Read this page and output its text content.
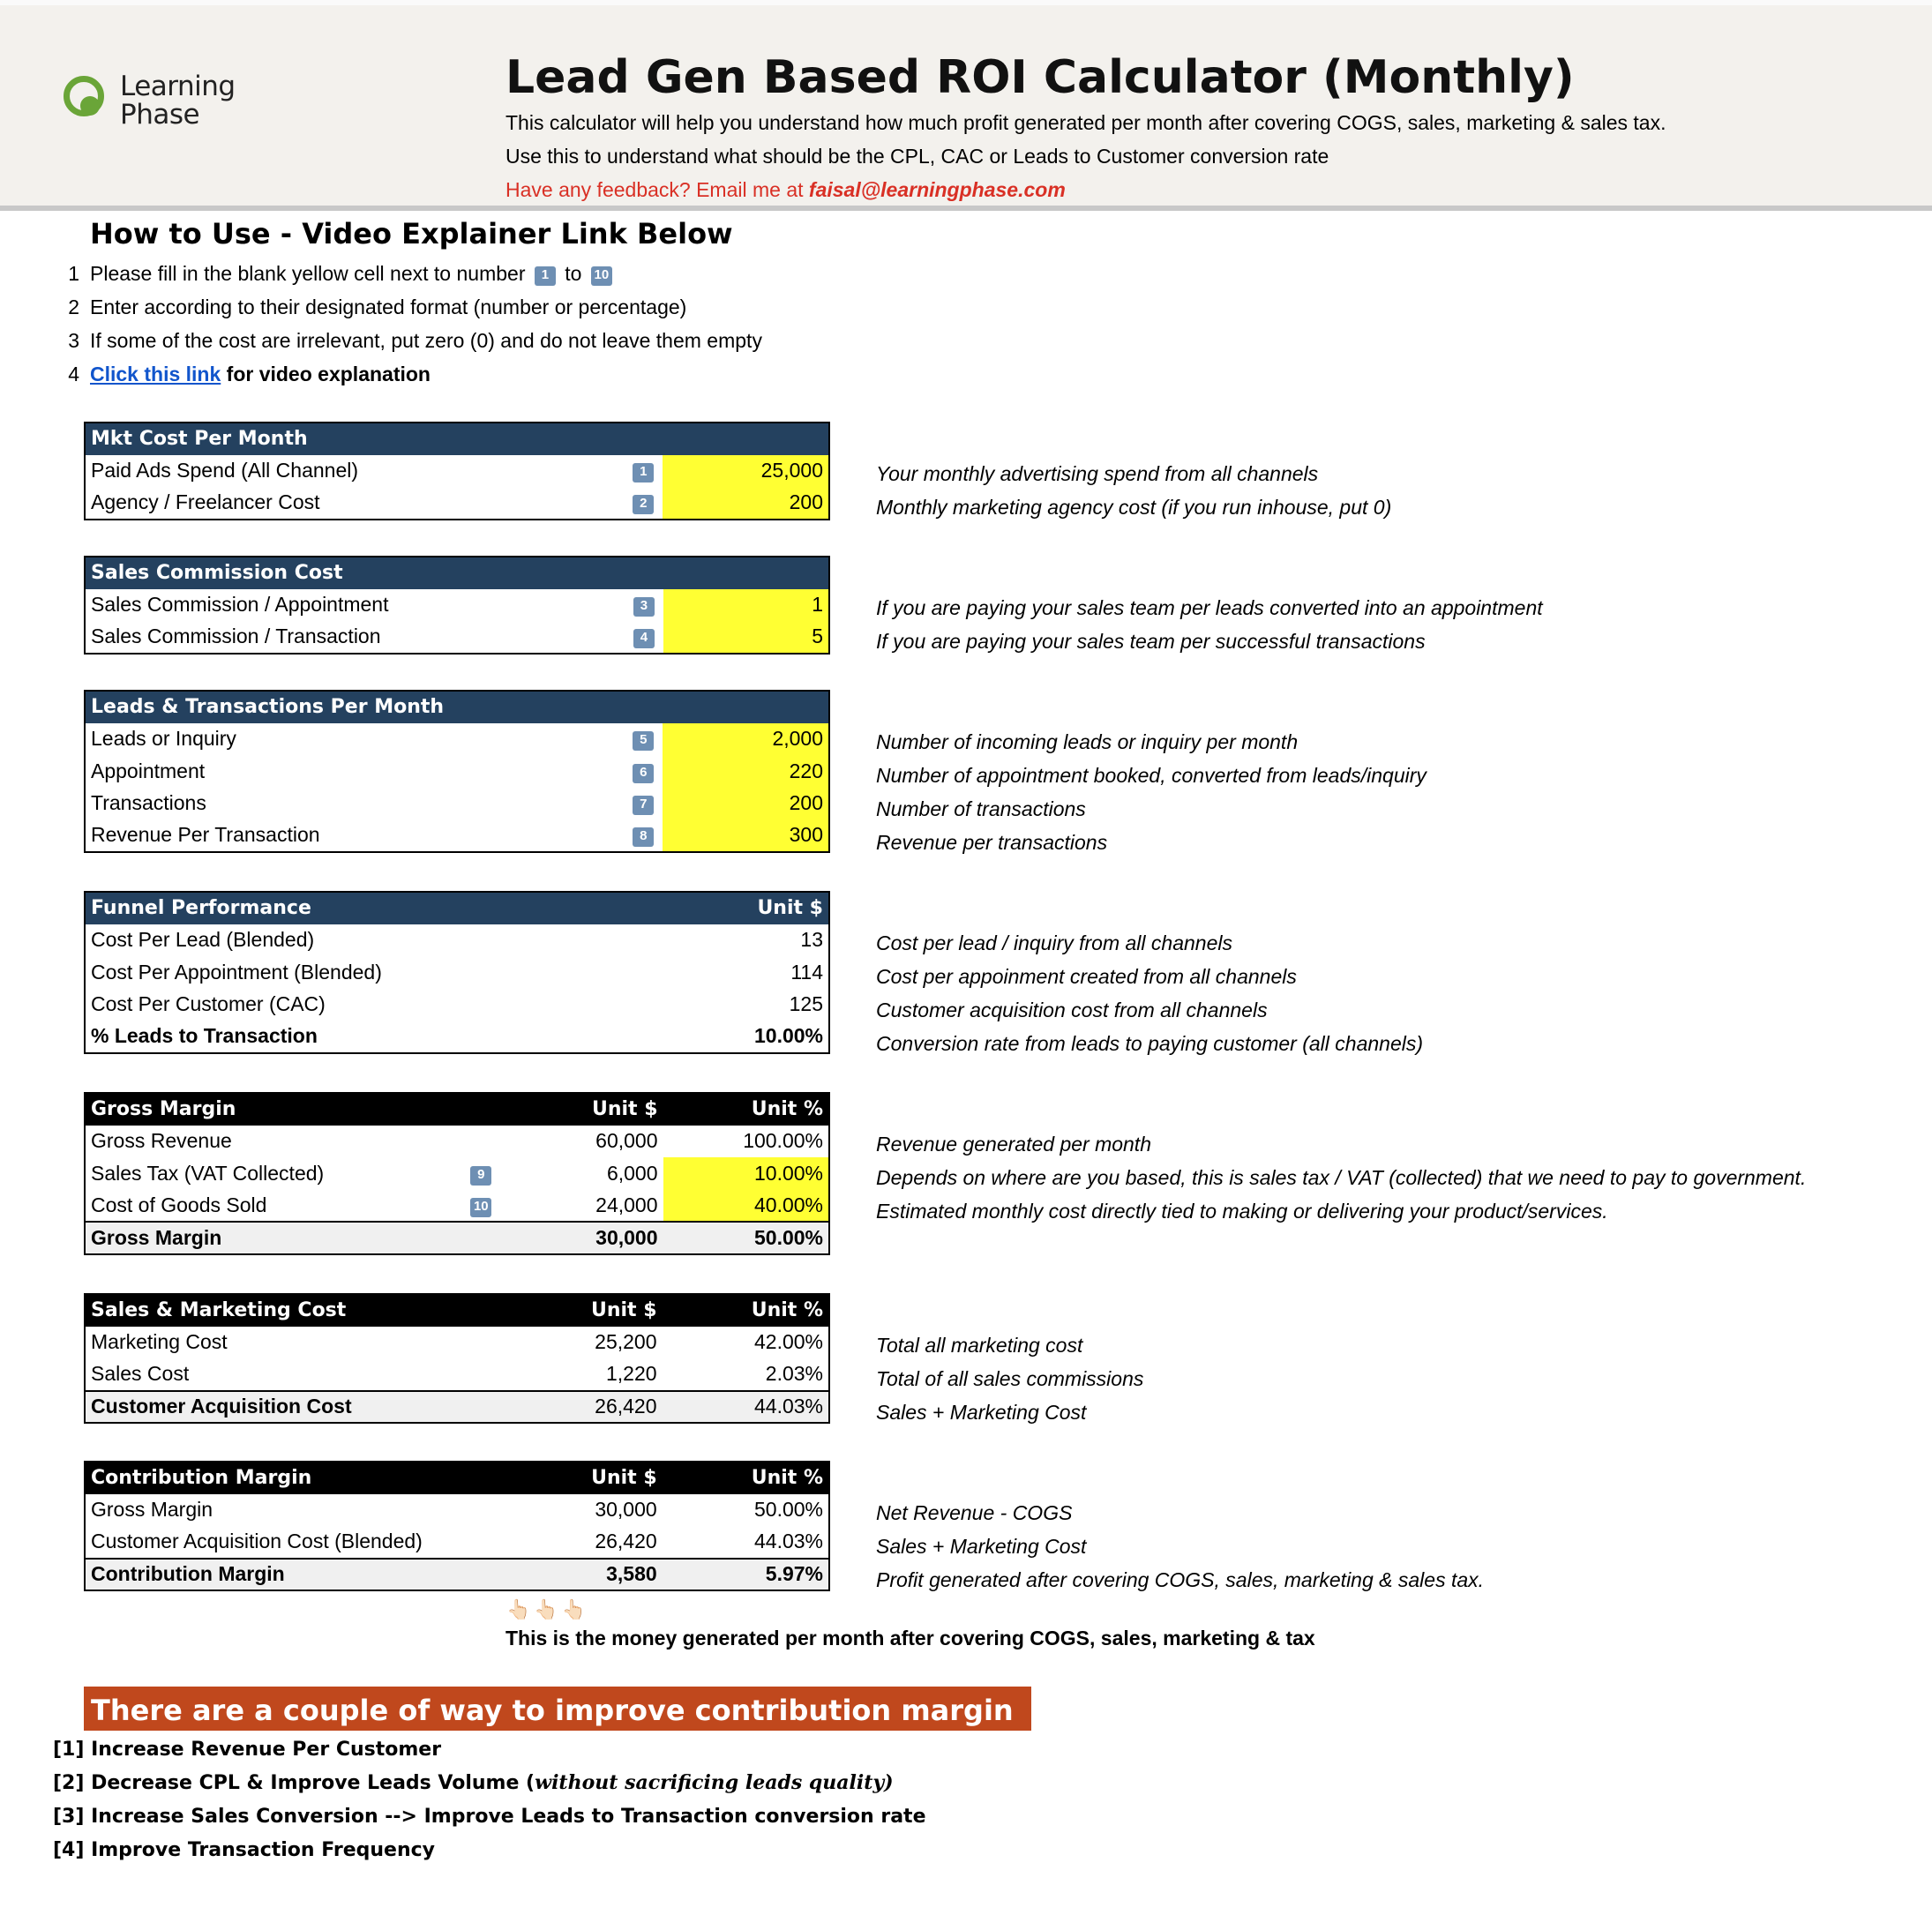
Learning
Phase
Lead Gen Based ROI Calculator (Monthly)
This calculator will help you understand how much profit generated per month after covering COGS, sales, marketing & sales tax.
Use this to understand what should be the CPL, CAC or Leads to Customer conversion rate
Have any feedback? Email me at faisal@learningphase.com
How to Use - Video Explainer Link Below
1 Please fill in the blank yellow cell next to number 1 to 10
2 Enter according to their designated format (number or percentage)
3 If some of the cost are irrelevant, put zero (0) and do not leave them empty
4 Click this link for video explanation
Mkt Cost Per Month		
Paid Ads Spend (All Channel)	1	25,000
Agency / Freelancer Cost	2	200
Your monthly advertising spend from all channels
Monthly marketing agency cost (if you run inhouse, put 0)
Sales Commission Cost		
Sales Commission / Appointment	3	1
Sales Commission / Transaction	4	5
If you are paying your sales team per leads converted into an appointment
If you are paying your sales team per successful transactions
Leads & Transactions Per Month		
Leads or Inquiry	5	2,000
Appointment	6	220
Transactions	7	200
Revenue Per Transaction	8	300
Number of incoming leads or inquiry per month
Number of appointment booked, converted from leads/inquiry
Number of transactions
Revenue per transactions
Funnel Performance	Unit $
Cost Per Lead (Blended)	13
Cost Per Appointment (Blended)	114
Cost Per Customer (CAC)	125
% Leads to Transaction	10.00%
Cost per lead / inquiry from all channels
Cost per appoinment created from all channels
Customer acquisition cost from all channels
Conversion rate from leads to paying customer (all channels)
Gross Margin		Unit $	Unit %
Gross Revenue		60,000	100.00%
Sales Tax (VAT Collected)	9	6,000	10.00%
Cost of Goods Sold	10	24,000	40.00%
Gross Margin		30,000	50.00%
Revenue generated per month
Depends on where are you based, this is sales tax / VAT (collected) that we need to pay to government.
Estimated monthly cost directly tied to making or delivering your product/services.
Sales & Marketing Cost	Unit $	Unit %
Marketing Cost	25,200	42.00%
Sales Cost	1,220	2.03%
Customer Acquisition Cost	26,420	44.03%
Total all marketing cost
Total of all sales commissions
Sales + Marketing Cost
Contribution Margin	Unit $	Unit %
Gross Margin	30,000	50.00%
Customer Acquisition Cost (Blended)	26,420	44.03%
Contribution Margin	3,580	5.97%
Net Revenue - COGS
Sales + Marketing Cost
Profit generated after covering COGS, sales, marketing & sales tax.
👆🏻👆🏻👆🏻
This is the money generated per month after covering COGS, sales, marketing & tax
There are a couple of way to improve contribution margin
[1] Increase Revenue Per Customer
[2] Decrease CPL & Improve Leads Volume (without sacrificing leads quality)
[3] Increase Sales Conversion --> Improve Leads to Transaction conversion rate
[4] Improve Transaction Frequency
